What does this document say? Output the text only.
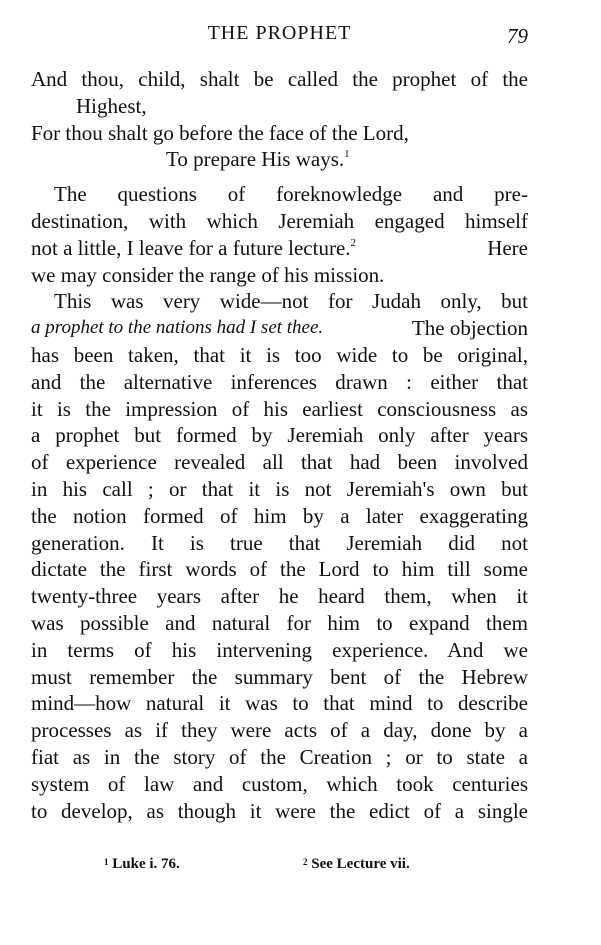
THE PROPHET	79
And thou, child, shalt be called the prophet of the
Highest,
For thou shalt go before the face of the Lord,
To prepare His ways.$^1$
The questions of foreknowledge and pre-
destination, with which Jeremiah engaged himself
not a little, I leave for a future lecture.$^2$	Here
we may consider the range of his mission.
This was very wide—not for Judah only, but
a prophet to the nations had I set thee.	The objection
has been taken, that it is too wide to be original,
and the alternative inferences drawn : either that
it is the impression of his earliest consciousness as
a prophet but formed by Jeremiah only after years
of experience revealed all that had been involved
in his call ; or that it is not Jeremiah's own but
the notion formed of him by a later exaggerating
generation. It is true that Jeremiah did not
dictate the first words of the Lord to him till some
twenty-three years after he heard them, when it
was possible and natural for him to expand them
in terms of his intervening experience. And we
must remember the summary bent of the Hebrew
mind—how natural it was to that mind to describe
processes as if they were acts of a day, done by a
fiat as in the story of the Creation ; or to state a
system of law and custom, which took centuries
to develop, as though it were the edict of a single
$^1$ Luke i. 76.	$^2$ See Lecture vii.
